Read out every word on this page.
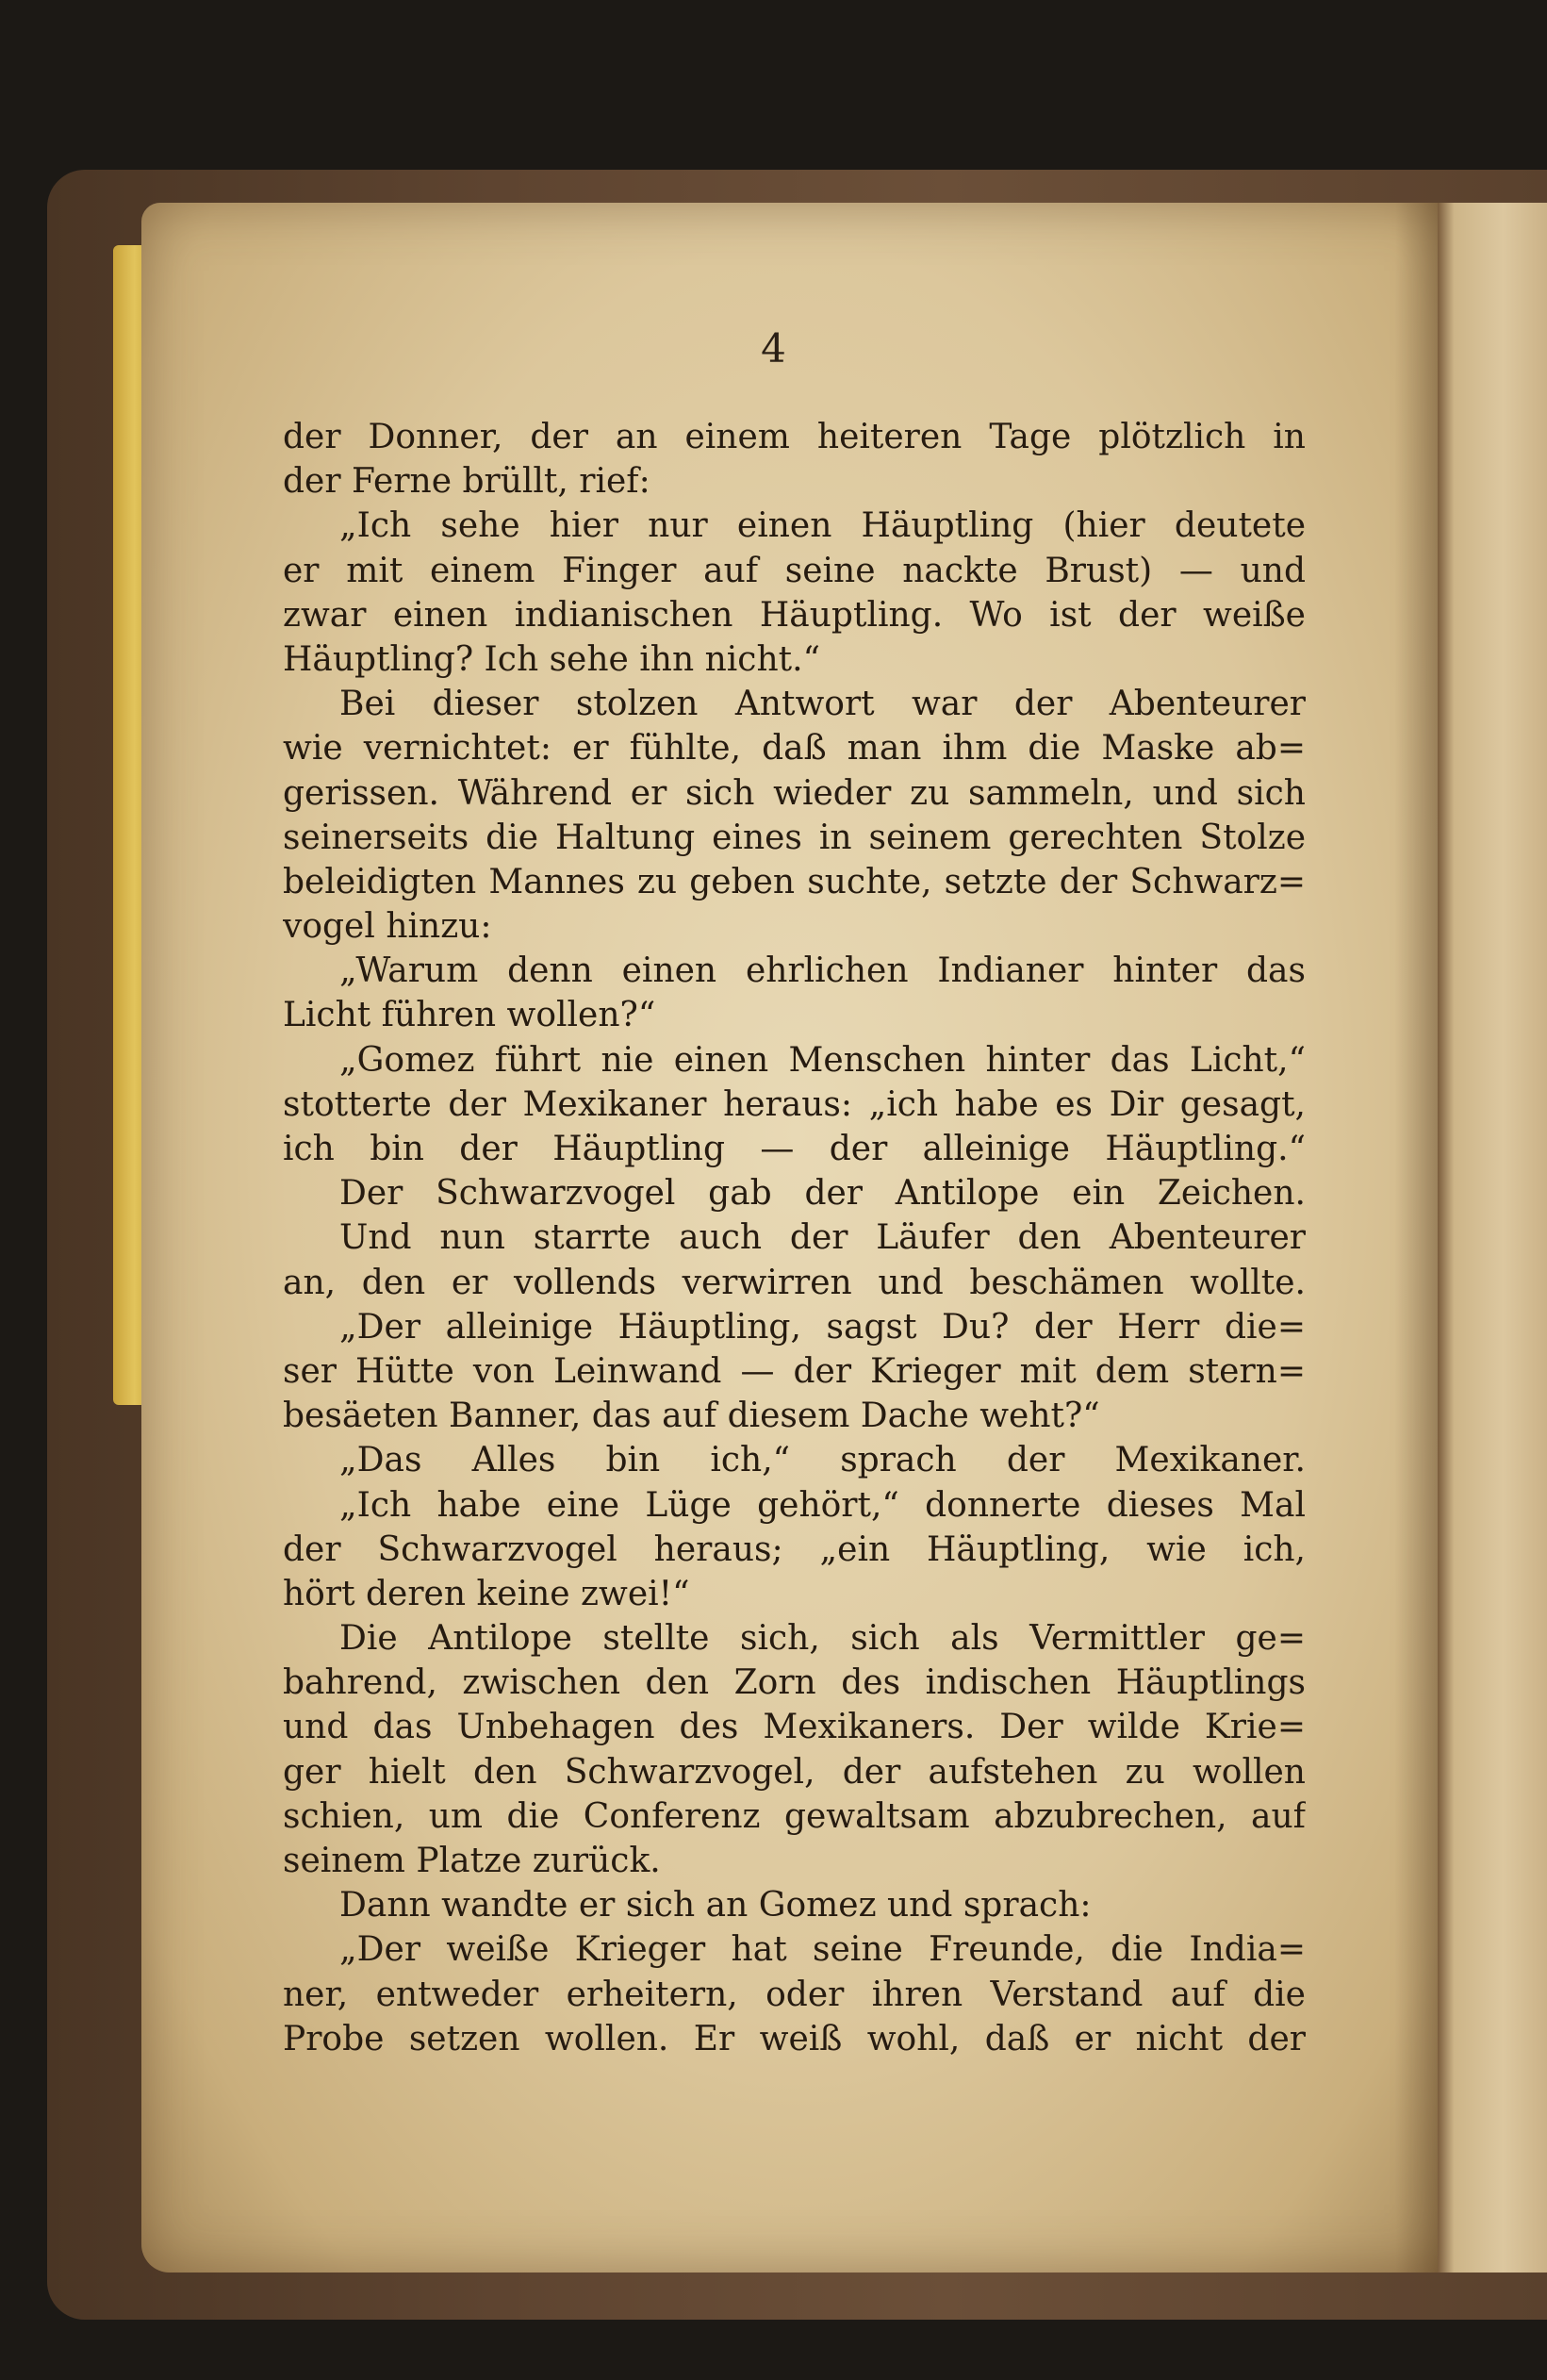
4
der Donner, der an einem heiteren Tage plötzlich in
der Ferne brüllt, rief:
„Ich sehe hier nur einen Häuptling (hier deutete
er mit einem Finger auf seine nackte Brust) — und
zwar einen indianischen Häuptling. Wo ist der weiße
Häuptling? Ich sehe ihn nicht.“
Bei dieser stolzen Antwort war der Abenteurer
wie vernichtet: er fühlte, daß man ihm die Maske ab=
gerissen. Während er sich wieder zu sammeln, und sich
seinerseits die Haltung eines in seinem gerechten Stolze
beleidigten Mannes zu geben suchte, setzte der Schwarz=
vogel hinzu:
„Warum denn einen ehrlichen Indianer hinter das
Licht führen wollen?“
„Gomez führt nie einen Menschen hinter das Licht,“
stotterte der Mexikaner heraus: „ich habe es Dir gesagt,
ich bin der Häuptling — der alleinige Häuptling.“
Der Schwarzvogel gab der Antilope ein Zeichen.
Und nun starrte auch der Läufer den Abenteurer
an, den er vollends verwirren und beschämen wollte.
„Der alleinige Häuptling, sagst Du? der Herr die=
ser Hütte von Leinwand — der Krieger mit dem stern=
besäeten Banner, das auf diesem Dache weht?“
„Das Alles bin ich,“ sprach der Mexikaner.
„Ich habe eine Lüge gehört,“ donnerte dieses Mal
der Schwarzvogel heraus; „ein Häuptling, wie ich,
hört deren keine zwei!“
Die Antilope stellte sich, sich als Vermittler ge=
bahrend, zwischen den Zorn des indischen Häuptlings
und das Unbehagen des Mexikaners. Der wilde Krie=
ger hielt den Schwarzvogel, der aufstehen zu wollen
schien, um die Conferenz gewaltsam abzubrechen, auf
seinem Platze zurück.
Dann wandte er sich an Gomez und sprach:
„Der weiße Krieger hat seine Freunde, die India=
ner, entweder erheitern, oder ihren Verstand auf die
Probe setzen wollen. Er weiß wohl, daß er nicht der
